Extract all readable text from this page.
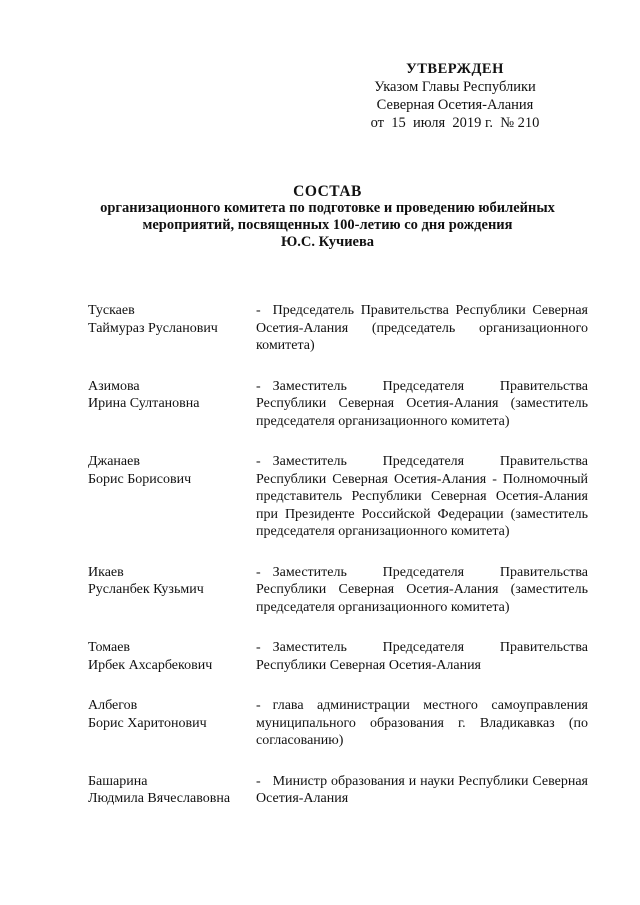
УТВЕРЖДЕН
Указом Главы Республики
Северная Осетия-Алания
от  15  июля  2019 г.  № 210
СОСТАВ
организационного комитета по подготовке и проведению юбилейных
мероприятий, посвященных 100-летию со дня рождения
Ю.С. Кучиева
Тускаев
Таймураз Русланович
- Председатель Правительства Республики Северная Осетия-Алания (председатель организационного комитета)
Азимова
Ирина Султановна
- Заместитель Председателя Правительства Республики Северная Осетия-Алания (заместитель председателя организационного комитета)
Джанаев
Борис Борисович
- Заместитель Председателя Правительства Республики Северная Осетия-Алания - Полномочный представитель Республики Северная Осетия-Алания при Президенте Российской Федерации (заместитель председателя организационного комитета)
Икаев
Русланбек Кузьмич
- Заместитель Председателя Правительства Республики Северная Осетия-Алания (заместитель председателя организационного комитета)
Томаев
Ирбек Ахсарбекович
- Заместитель Председателя Правительства Республики Северная Осетия-Алания
Албегов
Борис Харитонович
- глава администрации местного самоуправления муниципального образования г. Владикавказ (по согласованию)
Башарина
Людмила Вячеславовна
- Министр образования и науки Республики Северная Осетия-Алания
